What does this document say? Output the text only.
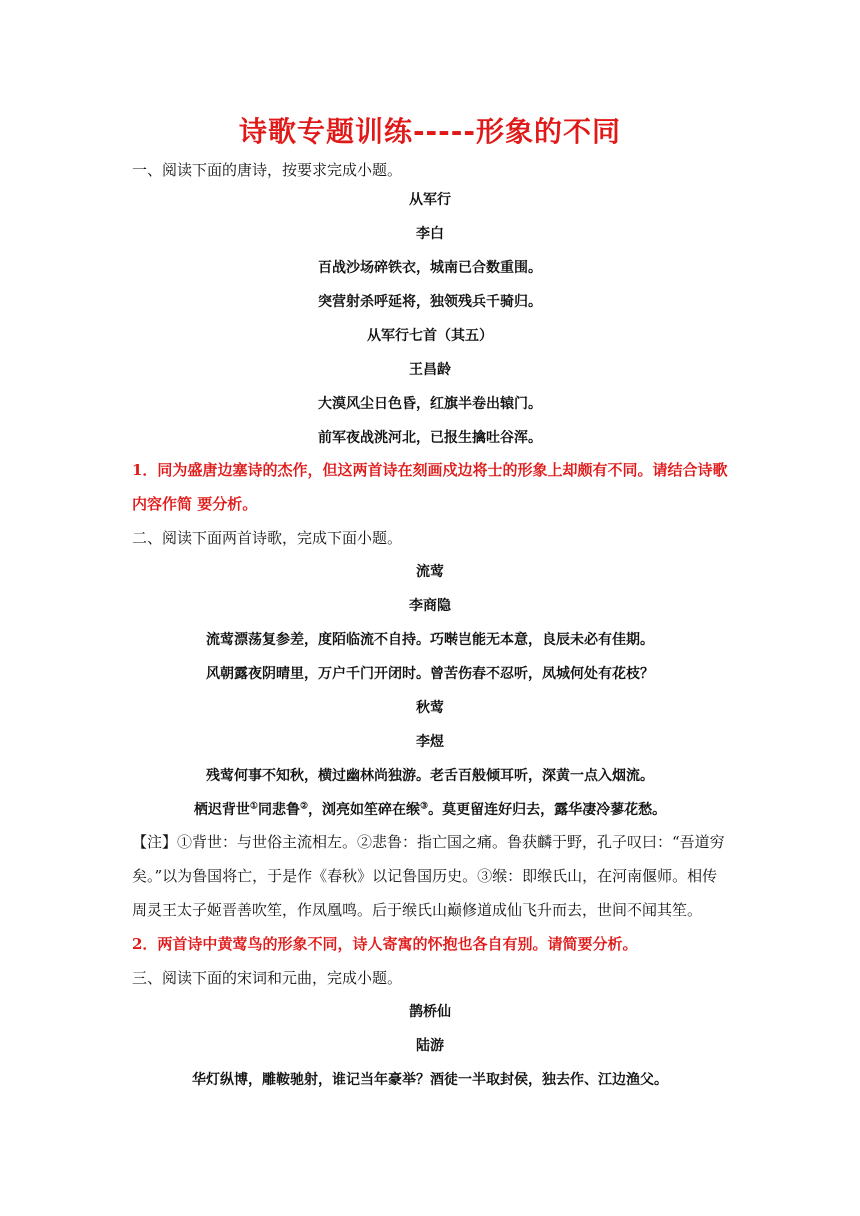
诗歌专题训练-----形象的不同
一、阅读下面的唐诗，按要求完成小题。
从军行
李白
百战沙场碎铁衣，城南已合数重围。
突营射杀呼延将，独领残兵千骑归。
从军行七首（其五）
王昌龄
大漠风尘日色昏，红旗半卷出辕门。
前军夜战洮河北，已报生擒吐谷浑。
1．同为盛唐边塞诗的杰作，但这两首诗在刻画戍边将士的形象上却颇有不同。请结合诗歌
内容作简 要分析。
二、阅读下面两首诗歌，完成下面小题。
流莺
李商隐
流莺漂荡复参差，度陌临流不自持。巧啭岂能无本意，良辰未必有佳期。
风朝露夜阴晴里，万户千门开闭时。曾苦伤春不忍听，凤城何处有花枝？
秋莺
李煜
残莺何事不知秋，横过幽林尚独游。老舌百般倾耳听，深黄一点入烟流。
栖迟背世①同悲鲁②，浏亮如笙碎在缑③。莫更留连好归去，露华凄冷蓼花愁。
【注】①背世：与世俗主流相左。②悲鲁：指亡国之痛。鲁获麟于野，孔子叹曰：“吾道穷
矣。”以为鲁国将亡，于是作《春秋》以记鲁国历史。③缑：即缑氏山，在河南偃师。相传
周灵王太子姬晋善吹笙，作凤凰鸣。后于缑氏山巅修道成仙飞升而去，世间不闻其笙。
2．两首诗中黄莺鸟的形象不同，诗人寄寓的怀抱也各自有别。请简要分析。
三、阅读下面的宋词和元曲，完成小题。
鹊桥仙
陆游
华灯纵博，雕鞍驰射，谁记当年豪举？酒徒一半取封侯，独去作、江边渔父。
